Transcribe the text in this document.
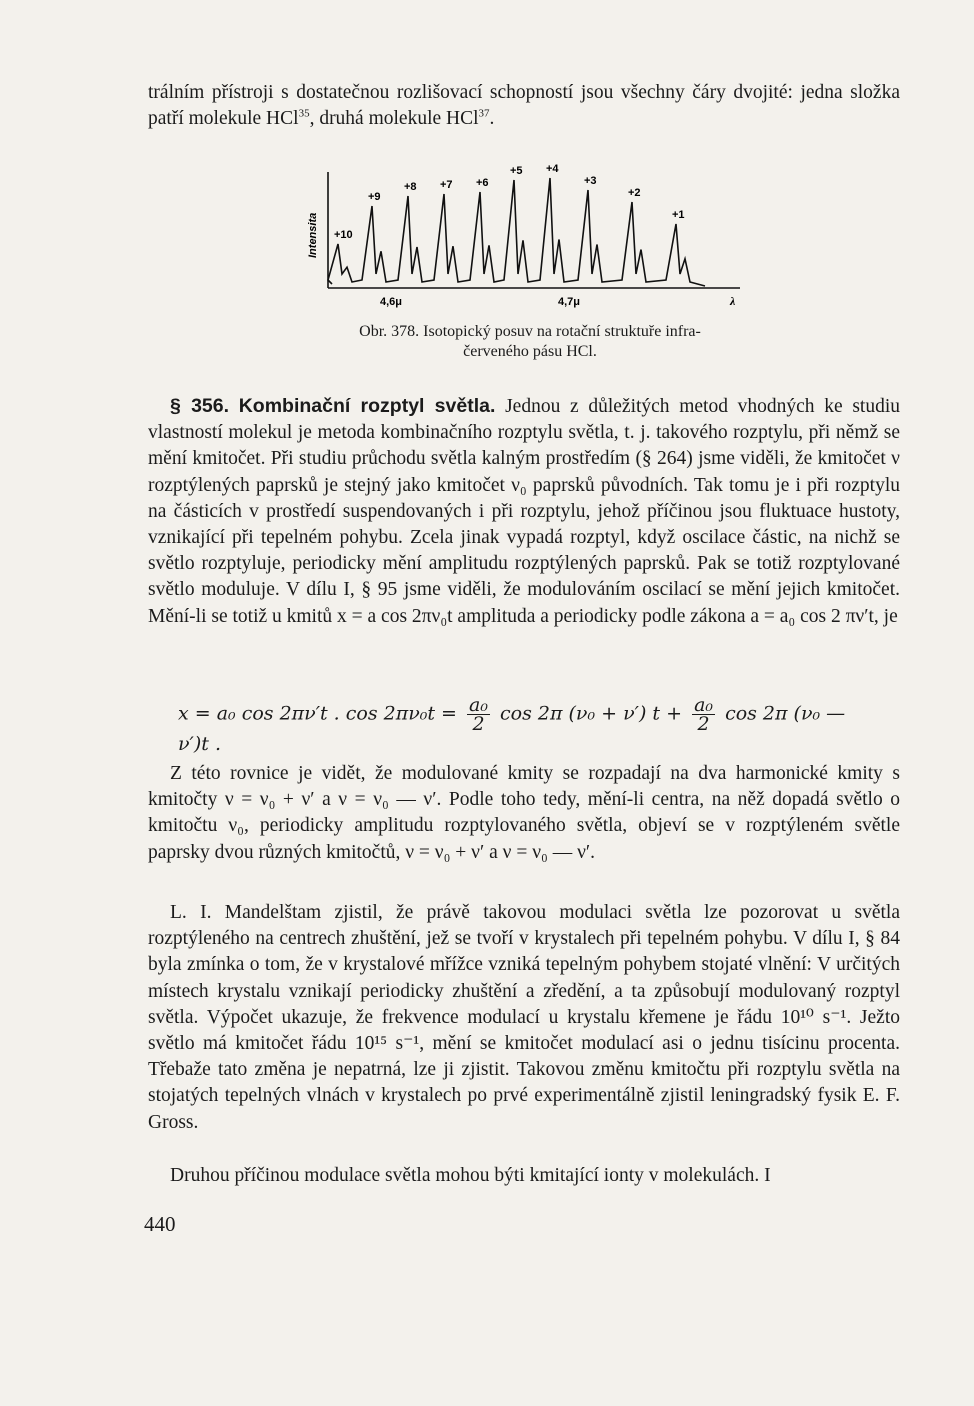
trálním přístroji s dostatečnou rozlišovací schopností jsou všechny čáry dvojité: jedna složka patří molekule HCl$^{35}$, druhá molekule HCl$^{37}$.

Intensita +10
+9
+8 +7 +6
+5 +4
+3
+2
+1
4,6μ	4,7μ	λ
Obr. 378. Isotopický posuv na rotační struktuře infra-
červeného pásu HCl.

§ 356. Kombinační rozptyl světla. Jednou z důležitých metod vhodných ke studiu vlastností molekul je metoda kombinačního rozptylu světla, t. j. takového rozptylu, při němž se mění kmitočet. Při studiu průchodu světla kalným prostředím (§ 264) jsme viděli, že kmitočet ν rozptýlených paprsků je stejný jako kmitočet ν₀ paprsků původních. Tak tomu je i při rozptylu na částicích v prostředí suspendovaných i při rozptylu, jehož příčinou jsou fluktuace hustoty, vznikající při tepelném pohybu. Zcela jinak vypadá rozptyl, když oscilace částic, na nichž se světlo rozptyluje, periodicky mění amplitudu rozptýlených paprsků. Pak se totiž rozptylované světlo moduluje. V dílu I, § 95 jsme viděli, že modulováním oscilací se mění jejich kmitočet. Mění-li se totiž u kmitů x = a cos 2πν₀t amplituda a periodicky podle zákona a = a₀ cos 2 πν′t, je

x = a₀ cos 2πν′t . $\cos 2\pi\nu_0t = \frac{\text{a₀}}{2}$ cos 2π (ν₀ + ν′) $t + \frac{\text{a₀}}{2}$ cos 2π (ν₀ — ν′)t .

Z této rovnice je vidět, že modulované kmity se rozpadají na dva harmonické kmity s kmitočty ν = ν₀ + ν′ a ν = ν₀ — ν′. Podle toho tedy, mění-li centra, na něž dopadá světlo o kmitočtu ν₀, periodicky amplitudu rozptylovaného světla, objeví se v rozptýleném světle paprsky dvou různých kmitočtů, ν = ν₀ + ν′ a ν = ν₀ — ν′.

L. I. Mandelštam zjistil, že právě takovou modulaci světla lze pozorovat u světla rozptýleného na centrech zhuštění, jež se tvoří v krystalech při tepelném pohybu. V dílu I, § 84 byla zmínka o tom, že v krystalové mřížce vzniká tepelným pohybem stojaté vlnění: V určitých místech krystalu vznikají periodicky zhuštění a zředění, a ta způsobují modulovaný rozptyl světla. Výpočet ukazuje, že frekvence modulací u krystalu křemene je řádu 10¹⁰ s⁻¹. Ježto světlo má kmitočet řádu 10¹⁵ s⁻¹, mění se kmitočet modulací asi o jednu tisícinu procenta. Třebaže tato změna je nepatrná, lze ji zjistit. Takovou změnu kmitočtu při rozptylu světla na stojatých tepelných vlnách v krystalech po prvé experimentálně zjistil leningradský fysik E. F. Gross.

Druhou příčinou modulace světla mohou býti kmitající ionty v molekulách. I

440
